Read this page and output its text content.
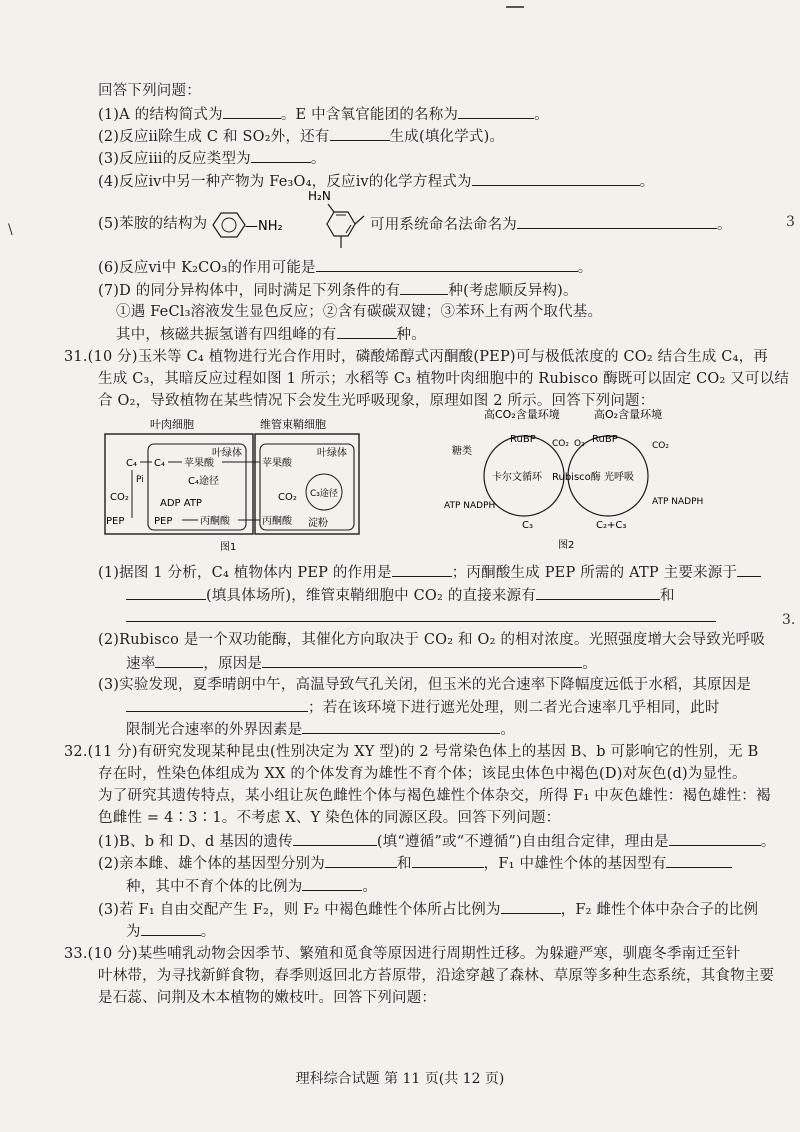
\	3
3.
回答下列问题：
(1)A 的结构简式为	。E 中含氧官能团的名称为	。
(2)反应ⅱ除生成 C 和 SO₂外，还有	生成(填化学式)。
(3)反应ⅲ的反应类型为	。
(4)反应ⅳ中另一种产物为 Fe₃O₄，反应ⅳ的化学方程式为	。
(5)苯胺的结构为	—NH₂
H₂N
可用系统命名法命名为	。
(6)反应ⅵ中 K₂CO₃的作用可能是	。
(7)D 的同分异构体中，同时满足下列条件的有	种(考虑顺反异构)。
①遇 FeCl₃溶液发生显色反应；②含有碳碳双键；③苯环上有两个取代基。
其中，核磁共振氢谱有四组峰的有	种。
31.(10 分)玉米等 C₄ 植物进行光合作用时，磷酸烯醇式丙酮酸(PEP)可与极低浓度的 CO₂ 结合生成 C₄，再
生成 C₃，其暗反应过程如图 1 所示；水稻等 C₃ 植物叶肉细胞中的 Rubisco 酶既可以固定 CO₂ 又可以结
合 O₂，导致植物在某些情况下会发生光呼吸现象，原理如图 2 所示。回答下列问题：
叶肉细胞	维管束鞘细胞
叶绿体	叶绿体
C₄ C₄ 苹果酸	苹果酸
C₄途径
ADP ATP
CO₂
Pi
PEP	PEP	丙酮酸	丙酮酸
CO₂ C₃途径
淀粉
图1
高CO₂含量环境	高O₂含量环境
RuBP	RuBP
CO₂ O₂	CO₂
糖类
卡尔文循环 Rubisco酶 光呼吸
ATP NADPH	ATP NADPH
C₃	C₂+C₃
图2
(1)据图 1 分析，C₄ 植物体内 PEP 的作用是	；丙酮酸生成 PEP 所需的 ATP 主要来源于
(填具体场所)，维管束鞘细胞中 CO₂ 的直接来源有	和
(2)Rubisco 是一个双功能酶，其催化方向取决于 CO₂ 和 O₂ 的相对浓度。光照强度增大会导致光呼吸
速率	，原因是	。
(3)实验发现，夏季晴朗中午，高温导致气孔关闭，但玉米的光合速率下降幅度远低于水稻，其原因是
；若在该环境下进行遮光处理，则二者光合速率几乎相同，此时
限制光合速率的外界因素是	。
32.(11 分)有研究发现某种昆虫(性别决定为 XY 型)的 2 号常染色体上的基因 B、b 可影响它的性别，无 B
存在时，性染色体组成为 XX 的个体发育为雄性不育个体；该昆虫体色中褐色(D)对灰色(d)为显性。
为了研究其遗传特点，某小组让灰色雌性个体与褐色雄性个体杂交，所得 F₁ 中灰色雄性：褐色雄性：褐
色雌性 = 4∶3∶1。不考虑 X、Y 染色体的同源区段。回答下列问题：
(1)B、b 和 D、d 基因的遗传	(填“遵循”或“不遵循”)自由组合定律，理由是	。
(2)亲本雌、雄个体的基因型分别为	和	，F₁ 中雄性个体的基因型有
种，其中不育个体的比例为	。
(3)若 F₁ 自由交配产生 F₂，则 F₂ 中褐色雌性个体所占比例为	，F₂ 雌性个体中杂合子的比例
为	。
33.(10 分)某些哺乳动物会因季节、繁殖和觅食等原因进行周期性迁移。为躲避严寒，驯鹿冬季南迁至针
叶林带，为寻找新鲜食物，春季则返回北方苔原带，沿途穿越了森林、草原等多种生态系统，其食物主要
是石蕊、问荆及木本植物的嫩枝叶。回答下列问题：
理科综合试题 第 11 页(共 12 页)
